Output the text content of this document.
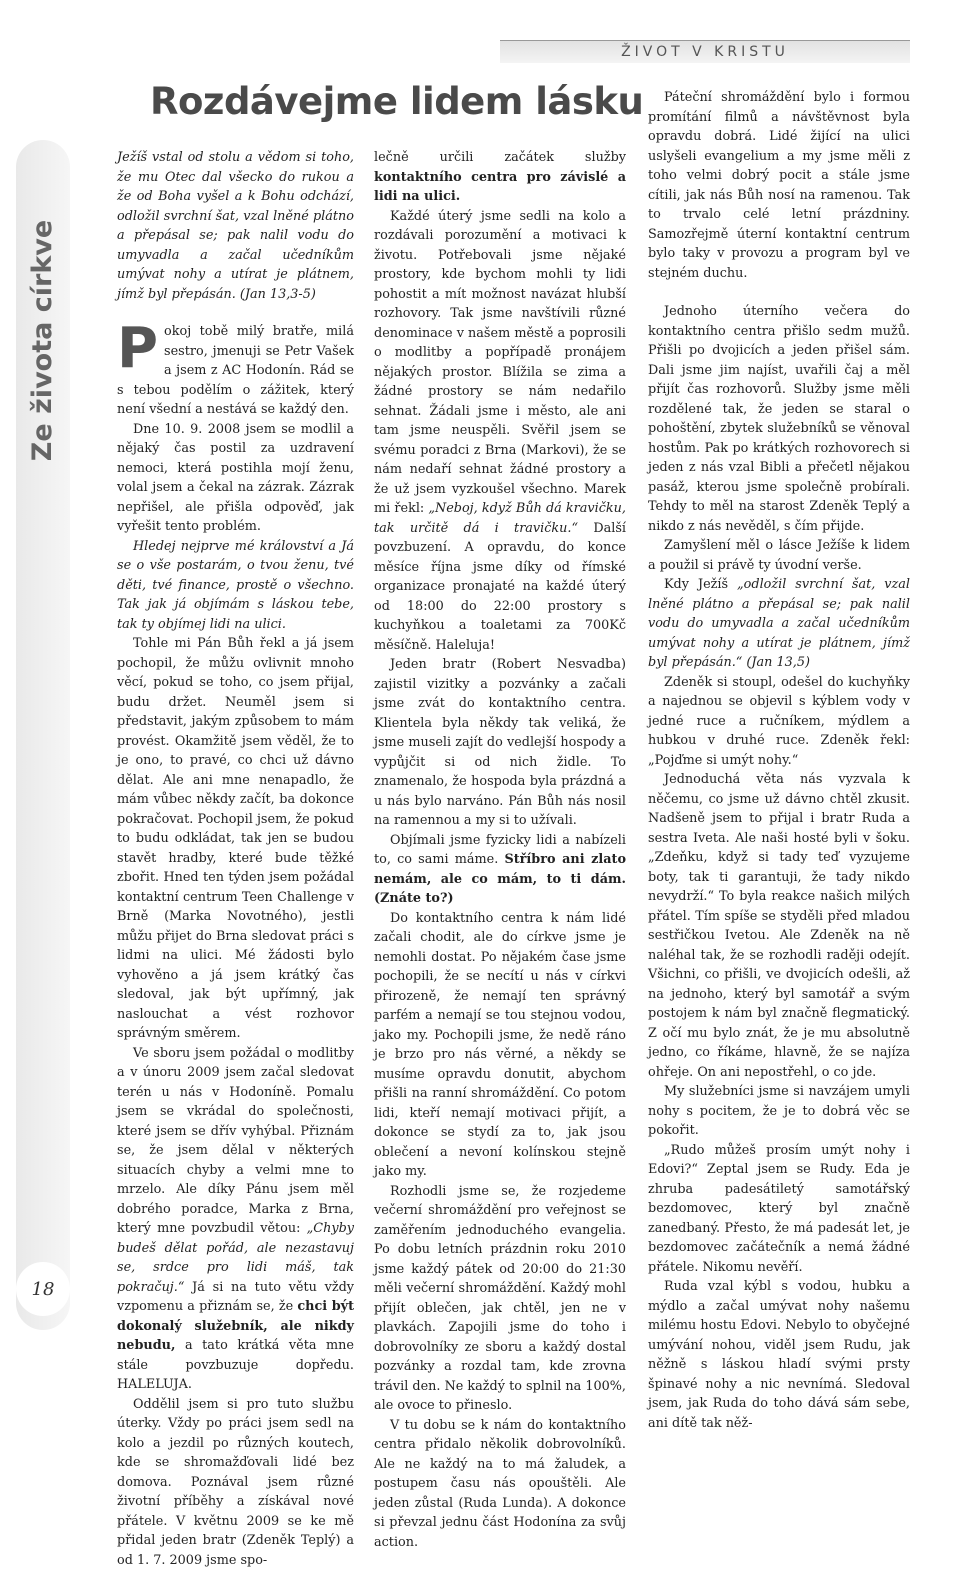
Ze života církve
18
ŽIVOT V KRISTU
Rozdávejme lidem lásku

Ježíš vstal od stolu a vědom si toho, že mu Otec dal všecko do rukou a že od Boha vyšel a k Bohu odchází, odložil svrchní šat, vzal lněné plátno a přepásal se; pak nalil vodu do umyvadla a začal učedníkům umývat nohy a utírat je plátnem, jímž byl přepásán. (Jan 13,3-5)

Pokoj tobě milý bratře, milá sestro, jmenuji se Petr Vašek a jsem z AC Hodonín. Rád se s tebou podělím o zážitek, který není všední a nestává se každý den.

Dne 10. 9. 2008 jsem se modlil a nějaký čas postil za uzdravení nemoci, která postihla mojí ženu, volal jsem a čekal na zázrak. Zázrak nepřišel, ale přišla odpověď, jak vyřešit tento problém.

Hledej nejprve mé království a Já se o vše postarám, o tvou ženu, tvé děti, tvé finance, prostě o všechno. Tak jak já objímám s láskou tebe, tak ty objímej lidi na ulici.

Tohle mi Pán Bůh řekl a já jsem pochopil, že můžu ovlivnit mnoho věcí, pokud se toho, co jsem přijal, budu držet. Neuměl jsem si představit, jakým způsobem to mám provést. Okamžitě jsem věděl, že to je ono, to pravé, co chci už dávno dělat. Ale ani mne nenapadlo, že mám vůbec někdy začít, ba dokonce pokračovat. Pochopil jsem, že pokud to budu odkládat, tak jen se budou stavět hradby, které bude těžké zbořit. Hned ten týden jsem požádal kontaktní centrum Teen Challenge v Brně (Marka Novotného), jestli můžu přijet do Brna sledovat práci s lidmi na ulici. Mé žádosti bylo vyhověno a já jsem krátký čas sledoval, jak být upřímný, jak naslouchat a vést rozhovor správným směrem.

Ve sboru jsem požádal o modlitby a v únoru 2009 jsem začal sledovat terén u nás v Hodoníně. Pomalu jsem se vkrádal do společnosti, které jsem se dřív vyhýbal. Přiznám se, že jsem dělal v některých situacích chyby a velmi mne to mrzelo. Ale díky Pánu jsem měl dobrého poradce, Marka z Brna, který mne povzbudil větou: „Chyby budeš dělat pořád, ale nezastavuj se, srdce pro lidi máš, tak pokračuj.“ Já si na tuto větu vždy vzpomenu a přiznám se, že chci být dokonalý služebník, ale nikdy nebudu, a tato krátká věta mne stále povzbuzuje dopředu. HALELUJA.

Oddělil jsem si pro tuto službu úterky. Vždy po práci jsem sedl na kolo a jezdil po různých koutech, kde se shromažďovali lidé bez domova. Poznával jsem různé životní příběhy a získával nové přátele. V květnu 2009 se ke mě přidal jeden bratr (Zdeněk Teplý) a od 1. 7. 2009 jsme spo-

lečně určili začátek služby kontaktního centra pro závislé a lidi na ulici.

Každé úterý jsme sedli na kolo a rozdávali porozumění a motivaci k životu. Potřebovali jsme nějaké prostory, kde bychom mohli ty lidi pohostit a mít možnost navázat hlubší rozhovory. Tak jsme navštívili různé denominace v našem městě a poprosili o modlitby a popřípadě pronájem nějakých prostor. Blížila se zima a žádné prostory se nám nedařilo sehnat. Žádali jsme i město, ale ani tam jsme neuspěli. Svěřil jsem se svému poradci z Brna (Markovi), že se nám nedaří sehnat žádné prostory a že už jsem vyzkoušel všechno. Marek mi řekl: „Neboj, když Bůh dá kravičku, tak určitě dá i travičku.“ Další povzbuzení. A opravdu, do konce měsíce října jsme díky od římské organizace pronajaté na každé úterý od 18:00 do 22:00 prostory s kuchyňkou a toaletami za 700Kč měsíčně. Haleluja!

Jeden bratr (Robert Nesvadba) zajistil vizitky a pozvánky a začali jsme zvát do kontaktního centra. Klientela byla někdy tak veliká, že jsme museli zajít do vedlejší hospody a vypůjčit si od nich židle. To znamenalo, že hospoda byla prázdná a u nás bylo narváno. Pán Bůh nás nosil na ramennou a my si to užívali.

Objímali jsme fyzicky lidi a nabízeli to, co sami máme. Stříbro ani zlato nemám, ale co mám, to ti dám. (Znáte to?)

Do kontaktního centra k nám lidé začali chodit, ale do církve jsme je nemohli dostat. Po nějakém čase jsme pochopili, že se necítí u nás v církvi přirozeně, že nemají ten správný parfém a nemají se tou stejnou vodou, jako my. Pochopili jsme, že nedě ráno je brzo pro nás věrné, a někdy se musíme opravdu donutit, abychom přišli na ranní shromáždění. Co potom lidi, kteří nemají motivaci přijít, a dokonce se stydí za to, jak jsou oblečení a nevoní kolínskou stejně jako my.

Rozhodli jsme se, že rozjedeme večerní shromáždění pro veřejnost se zaměřením jednoduchého evangelia. Po dobu letních prázdnin roku 2010 jsme každý pátek od 20:00 do 21:30 měli večerní shromáždění. Každý mohl přijít oblečen, jak chtěl, jen ne v plavkách. Zapojili jsme do toho i dobrovolníky ze sboru a každý dostal pozvánky a rozdal tam, kde zrovna trávil den. Ne každý to splnil na 100%, ale ovoce to přineslo.

V tu dobu se k nám do kontaktního centra přidalo několik dobrovolníků. Ale ne každý na to má žaludek, a postupem času nás opouštěli. Ale jeden zůstal (Ruda Lunda). A dokonce si převzal jednu část Hodonína za svůj action.

Páteční shromáždění bylo i formou promítání filmů a návštěvnost byla opravdu dobrá. Lidé žijící na ulici uslyšeli evangelium a my jsme měli z toho velmi dobrý pocit a stále jsme cítili, jak nás Bůh nosí na ramenou. Tak to trvalo celé letní prázdniny. Samozřejmě úterní kontaktní centrum bylo taky v provozu a program byl ve stejném duchu.

Jednoho úterního večera do kontaktního centra přišlo sedm mužů. Přišli po dvojicích a jeden přišel sám. Dali jsme jim najíst, uvařili čaj a měl přijít čas rozhovorů. Služby jsme měli rozdělené tak, že jeden se staral o pohoštění, zbytek služebníků se věnoval hostům. Pak po krátkých rozhovorech si jeden z nás vzal Bibli a přečetl nějakou pasáž, kterou jsme společně probírali. Tehdy to měl na starost Zdeněk Teplý a nikdo z nás nevěděl, s čím přijde.

Zamyšlení měl o lásce Ježíše k lidem a použil si právě ty úvodní verše.

Kdy Ježíš „odložil svrchní šat, vzal lněné plátno a přepásal se; pak nalil vodu do umyvadla a začal učedníkům umývat nohy a utírat je plátnem, jímž byl přepásán.“ (Jan 13,5)

Zdeněk si stoupl, odešel do kuchyňky a najednou se objevil s kýblem vody v jedné ruce a ručníkem, mýdlem a hubkou v druhé ruce. Zdeněk řekl: „Pojďme si umýt nohy.“

Jednoduchá věta nás vyzvala k něčemu, co jsme už dávno chtěl zkusit. Nadšeně jsem to přijal i bratr Ruda a sestra Iveta. Ale naši hosté byli v šoku. „Zdeňku, když si tady teď vyzujeme boty, tak ti garantuji, že tady nikdo nevydrží.“ To byla reakce našich milých přátel. Tím spíše se styděli před mladou sestřičkou Ivetou. Ale Zdeněk na ně naléhal tak, že se rozhodli raději odejít. Všichni, co přišli, ve dvojicích odešli, až na jednoho, který byl samotář a svým postojem k nám byl značně flegmatický. Z očí mu bylo znát, že je mu absolutně jedno, co říkáme, hlavně, že se najíza ohřeje. On ani nepostřehl, o co jde.

My služebníci jsme si navzájem umyli nohy s pocitem, že je to dobrá věc se pokořit.

„Rudo můžeš prosím umýt nohy i Edovi?“ Zeptal jsem se Rudy. Eda je zhruba padesátiletý samotářský bezdomovec, který byl značně zanedbaný. Přesto, že má padesát let, je bezdomovec začátečník a nemá žádné přátele. Nikomu nevěří.

Ruda vzal kýbl s vodou, hubku a mýdlo a začal umývat nohy našemu milému hostu Edovi. Nebylo to obyčejné umývání nohou, viděl jsem Rudu, jak něžně s láskou hladí svými prsty špinavé nohy a nic nevnímá. Sledoval jsem, jak Ruda do toho dává sám sebe, ani dítě tak něž-
